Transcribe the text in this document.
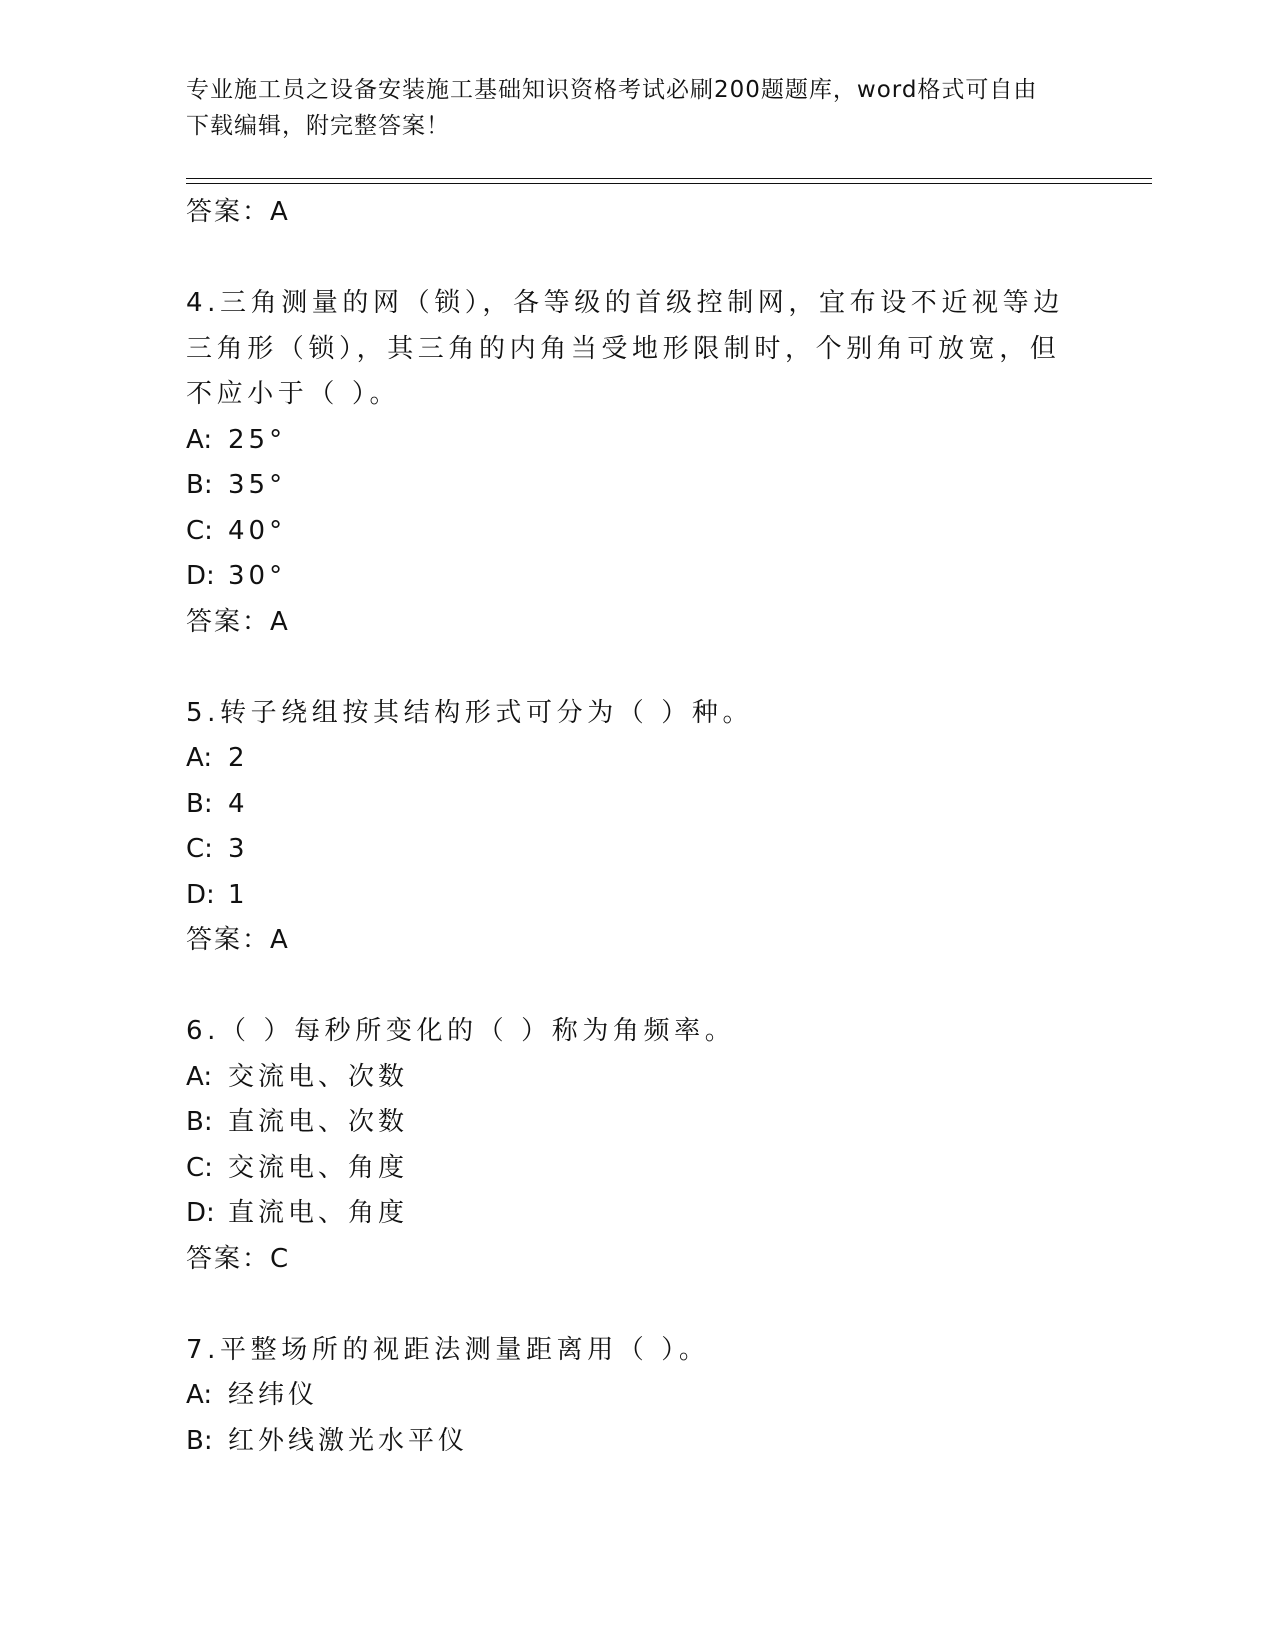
专业施工员之设备安装施工基础知识资格考试必刷200题题库，word格式可自由
下载编辑，附完整答案！
答案：A
4.三角测量的网（锁），各等级的首级控制网，宜布设不近视等边三角形（锁），其三角的内角当受地形限制时，个别角可放宽，但不应小于（ ）。
A: 25°
B: 35°
C: 40°
D: 30°
答案：A
5.转子绕组按其结构形式可分为（ ）种。
A: 2
B: 4
C: 3
D: 1
答案：A
6.（ ）每秒所变化的（ ）称为角频率。
A: 交流电、次数
B: 直流电、次数
C: 交流电、角度
D: 直流电、角度
答案：C
7.平整场所的视距法测量距离用（ ）。
A: 经纬仪
B: 红外线激光水平仪
